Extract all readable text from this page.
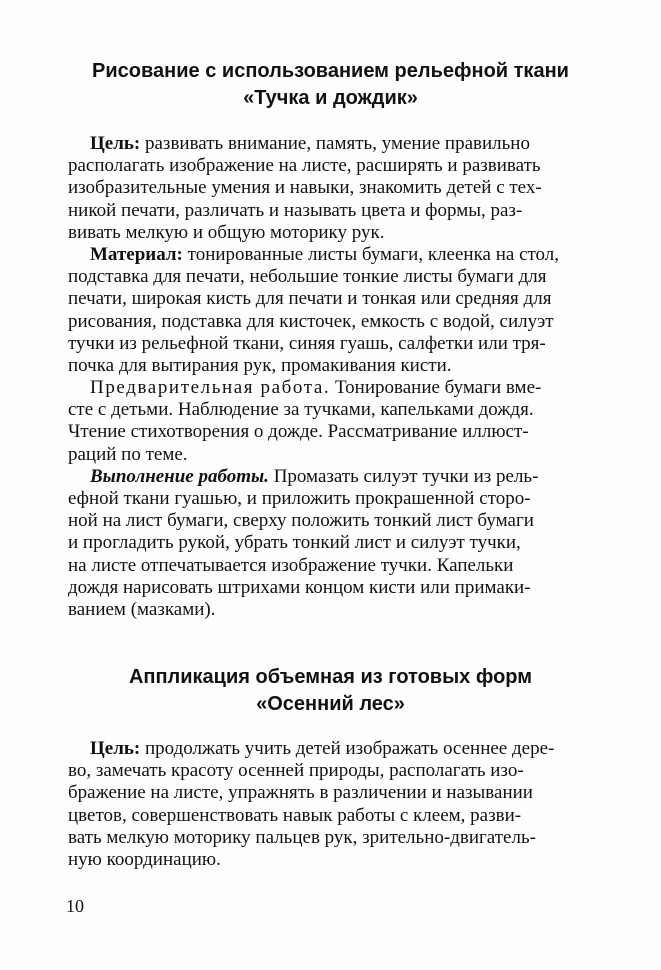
Рисование с использованием рельефной ткани
«Тучка и дождик»
Цель: развивать внимание, память, умение правильно
располагать изображение на листе, расширять и развивать
изобразительные умения и навыки, знакомить детей с тех-
никой печати, различать и называть цвета и формы, раз-
вивать мелкую и общую моторику рук.
Материал: тонированные листы бумаги, клеенка на стол,
подставка для печати, небольшие тонкие листы бумаги для
печати, широкая кисть для печати и тонкая или средняя для
рисования, подставка для кисточек, емкость с водой, силуэт
тучки из рельефной ткани, синяя гуашь, салфетки или тря-
почка для вытирания рук, промакивания кисти.
Предварительная работа. Тонирование бумаги вме-
сте с детьми. Наблюдение за тучками, капельками дождя.
Чтение стихотворения о дожде. Рассматривание иллюст-
раций по теме.
Выполнение работы. Промазать силуэт тучки из рель-
ефной ткани гуашью, и приложить прокрашенной сторо-
ной на лист бумаги, сверху положить тонкий лист бумаги
и прогладить рукой, убрать тонкий лист и силуэт тучки,
на листе отпечатывается изображение тучки. Капельки
дождя нарисовать штрихами концом кисти или примаки-
ванием (мазками).
Аппликация объемная из готовых форм
«Осенний лес»
Цель: продолжать учить детей изображать осеннее дере-
во, замечать красоту осенней природы, располагать изо-
бражение на листе, упражнять в различении и назывании
цветов, совершенствовать навык работы с клеем, разви-
вать мелкую моторику пальцев рук, зрительно-двигатель-
ную координацию.
10
